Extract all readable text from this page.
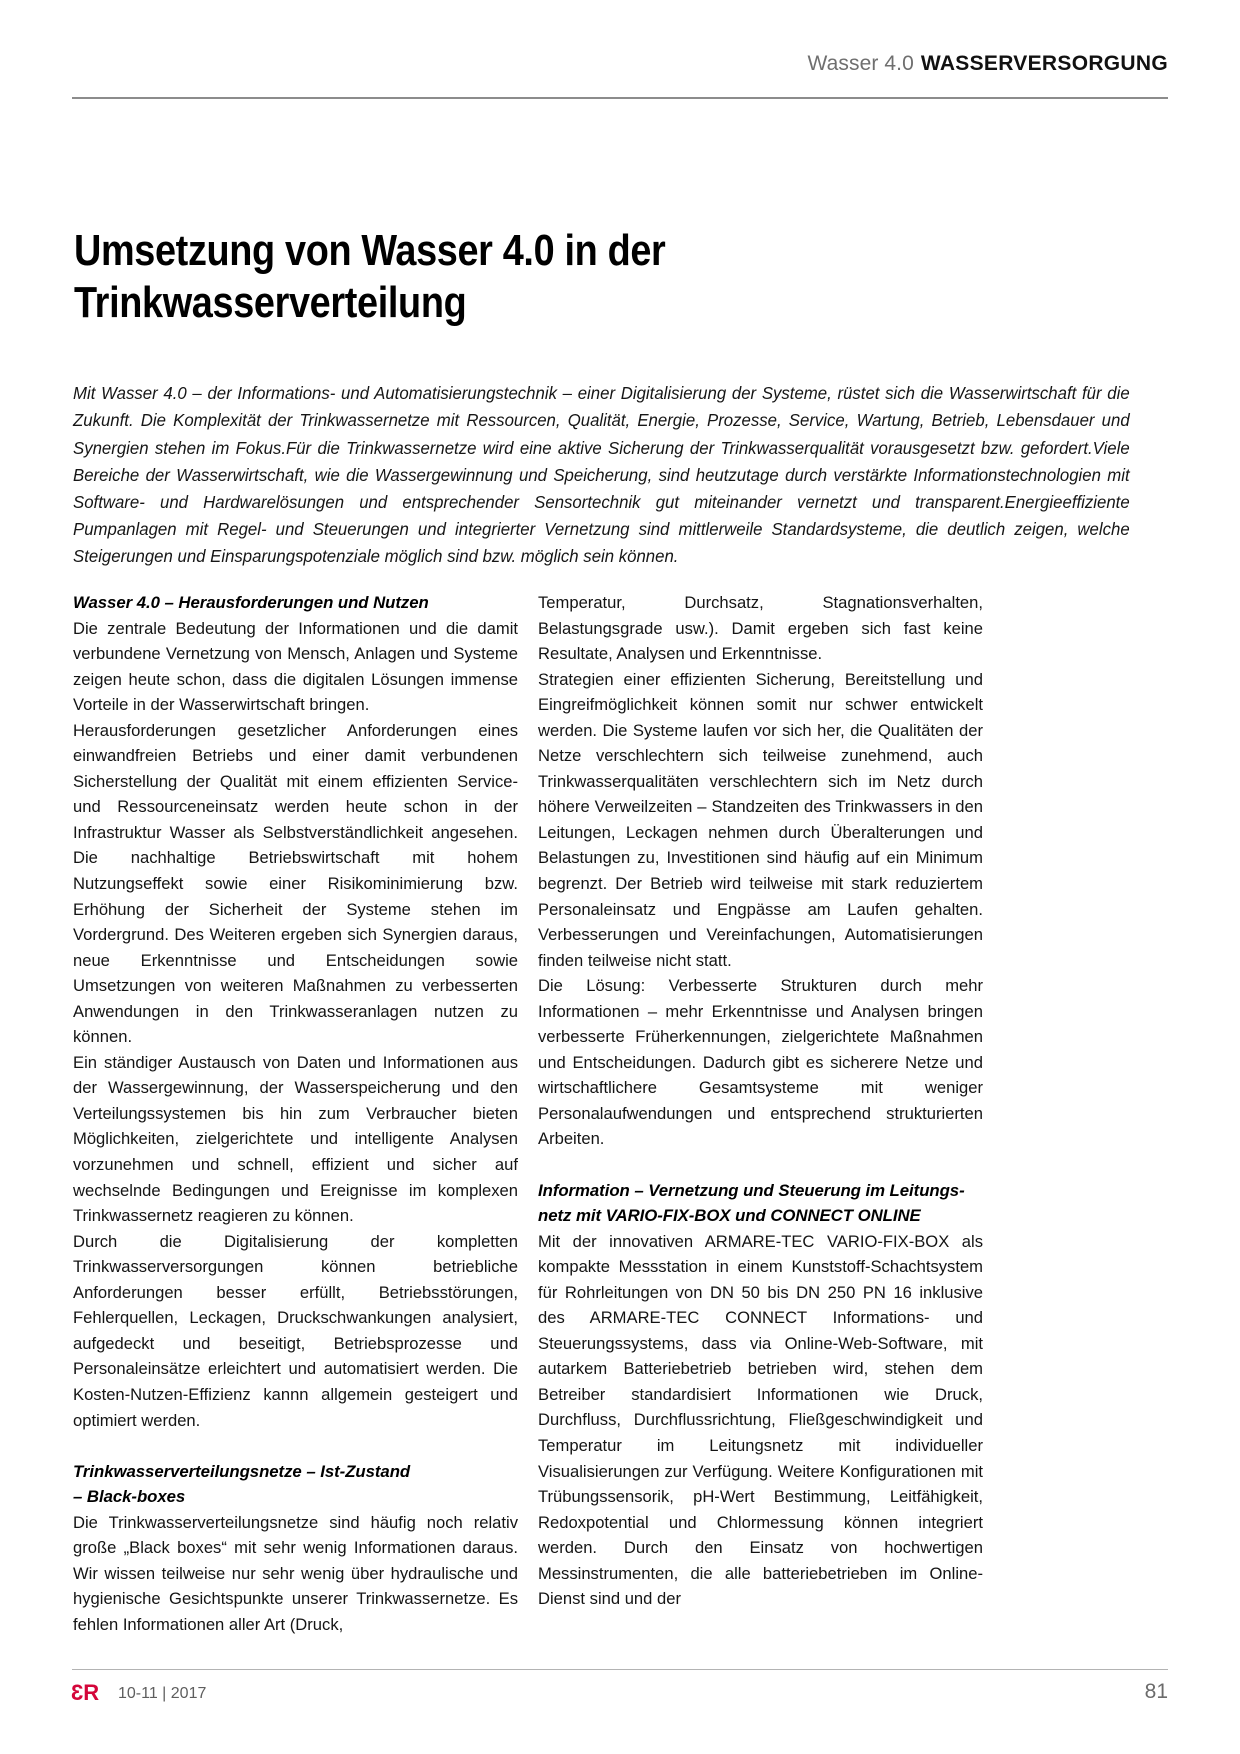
Wasser 4.0 WASSERVERSORGUNG
Umsetzung von Wasser 4.0 in der
Trinkwasserverteilung

Mit Wasser 4.0 – der Informations- und Automatisierungstechnik – einer Digitalisierung der Systeme, rüstet sich die Wasserwirtschaft für die Zukunft. Die Komplexität der Trinkwassernetze mit Ressourcen, Qualität, Energie, Prozesse, Service, Wartung, Betrieb, Lebensdauer und Synergien stehen im Fokus.Für die Trinkwassernetze wird eine aktive Sicherung der Trinkwasserqualität vorausgesetzt bzw. gefordert.Viele Bereiche der Wasserwirtschaft, wie die Wassergewinnung und Speicherung, sind heutzutage durch verstärkte Informationstechnologien mit Software- und Hardwarelösungen und entsprechender Sensortechnik gut miteinander vernetzt und transparent.Energieeffiziente Pumpanlagen mit Regel- und Steuerungen und integrierter Vernetzung sind mittlerweile Standardsysteme, die deutlich zeigen, welche Steigerungen und Einsparungspotenziale möglich sind bzw. möglich sein können.

Wasser 4.0 – Herausforderungen und Nutzen

Die zentrale Bedeutung der Informationen und die damit verbundene Vernetzung von Mensch, Anlagen und Systeme zeigen heute schon, dass die digitalen Lösungen immense Vorteile in der Wasserwirtschaft bringen.

Herausforderungen gesetzlicher Anforderungen eines einwandfreien Betriebs und einer damit verbundenen Sicherstellung der Qualität mit einem effizienten Service- und Ressourceneinsatz werden heute schon in der Infrastruktur Wasser als Selbstverständlichkeit angesehen. Die nachhaltige Betriebswirtschaft mit hohem Nutzungseffekt sowie einer Risikominimierung bzw. Erhöhung der Sicherheit der Systeme stehen im Vordergrund. Des Weiteren ergeben sich Synergien daraus, neue Erkenntnisse und Entscheidungen sowie Umsetzungen von weiteren Maßnahmen zu verbesserten Anwendungen in den Trinkwasseranlagen nutzen zu können.

Ein ständiger Austausch von Daten und Informationen aus der Wassergewinnung, der Wasserspeicherung und den Verteilungssystemen bis hin zum Verbraucher bieten Möglichkeiten, zielgerichtete und intelligente Analysen vorzunehmen und schnell, effizient und sicher auf wechselnde Bedingungen und Ereignisse im komplexen Trinkwassernetz reagieren zu können.

Durch die Digitalisierung der kompletten Trinkwasserversorgungen können betriebliche Anforderungen besser erfüllt, Betriebsstörungen, Fehlerquellen, Leckagen, Druckschwankungen analysiert, aufgedeckt und beseitigt, Betriebsprozesse und Personaleinsätze erleichtert und automatisiert werden. Die Kosten-Nutzen-Effizienz kannn allgemein gesteigert und optimiert werden.

Trinkwasserverteilungsnetze – Ist-Zustand
– Black-boxes

Die Trinkwasserverteilungsnetze sind häufig noch relativ große „Black boxes“ mit sehr wenig Informationen daraus. Wir wissen teilweise nur sehr wenig über hydraulische und hygienische Gesichtspunkte unserer Trinkwassernetze. Es fehlen Informationen aller Art (Druck,

Temperatur, Durchsatz, Stagnationsverhalten, Belastungsgrade usw.). Damit ergeben sich fast keine Resultate, Analysen und Erkenntnisse.

Strategien einer effizienten Sicherung, Bereitstellung und Eingreifmöglichkeit können somit nur schwer entwickelt werden. Die Systeme laufen vor sich her, die Qualitäten der Netze verschlechtern sich teilweise zunehmend, auch Trinkwasserqualitäten verschlechtern sich im Netz durch höhere Verweilzeiten – Standzeiten des Trinkwassers in den Leitungen, Leckagen nehmen durch Überalterungen und Belastungen zu, Investitionen sind häufig auf ein Minimum begrenzt. Der Betrieb wird teilweise mit stark reduziertem Personaleinsatz und Engpässe am Laufen gehalten. Verbesserungen und Vereinfachungen, Automatisierungen finden teilweise nicht statt.

Die Lösung: Verbesserte Strukturen durch mehr Informationen – mehr Erkenntnisse und Analysen bringen verbesserte Früherkennungen, zielgerichtete Maßnahmen und Entscheidungen. Dadurch gibt es sicherere Netze und wirtschaftlichere Gesamtsysteme mit weniger Personalaufwendungen und entsprechend strukturierten Arbeiten.

Information – Vernetzung und Steuerung im Leitungs-
netz mit VARIO-FIX-BOX und CONNECT ONLINE

Mit der innovativen ARMARE-TEC VARIO-FIX-BOX als kompakte Messstation in einem Kunststoff-Schachtsystem für Rohrleitungen von DN 50 bis DN 250 PN 16 inklusive des ARMARE-TEC CONNECT Informations- und Steuerungssystems, dass via Online-Web-Software, mit autarkem Batteriebetrieb betrieben wird, stehen dem Betreiber standardisiert Informationen wie Druck, Durchfluss, Durchflussrichtung, Fließgeschwindigkeit und Temperatur im Leitungsnetz mit individueller Visualisierungen zur Verfügung. Weitere Konfigurationen mit Trübungssensorik, pH-Wert Bestimmung, Leitfähigkeit, Redoxpotential und Chlormessung können integriert werden. Durch den Einsatz von hochwertigen Messinstrumenten, die alle batteriebetrieben im Online-Dienst sind und der

3R 10-11 | 2017	81
